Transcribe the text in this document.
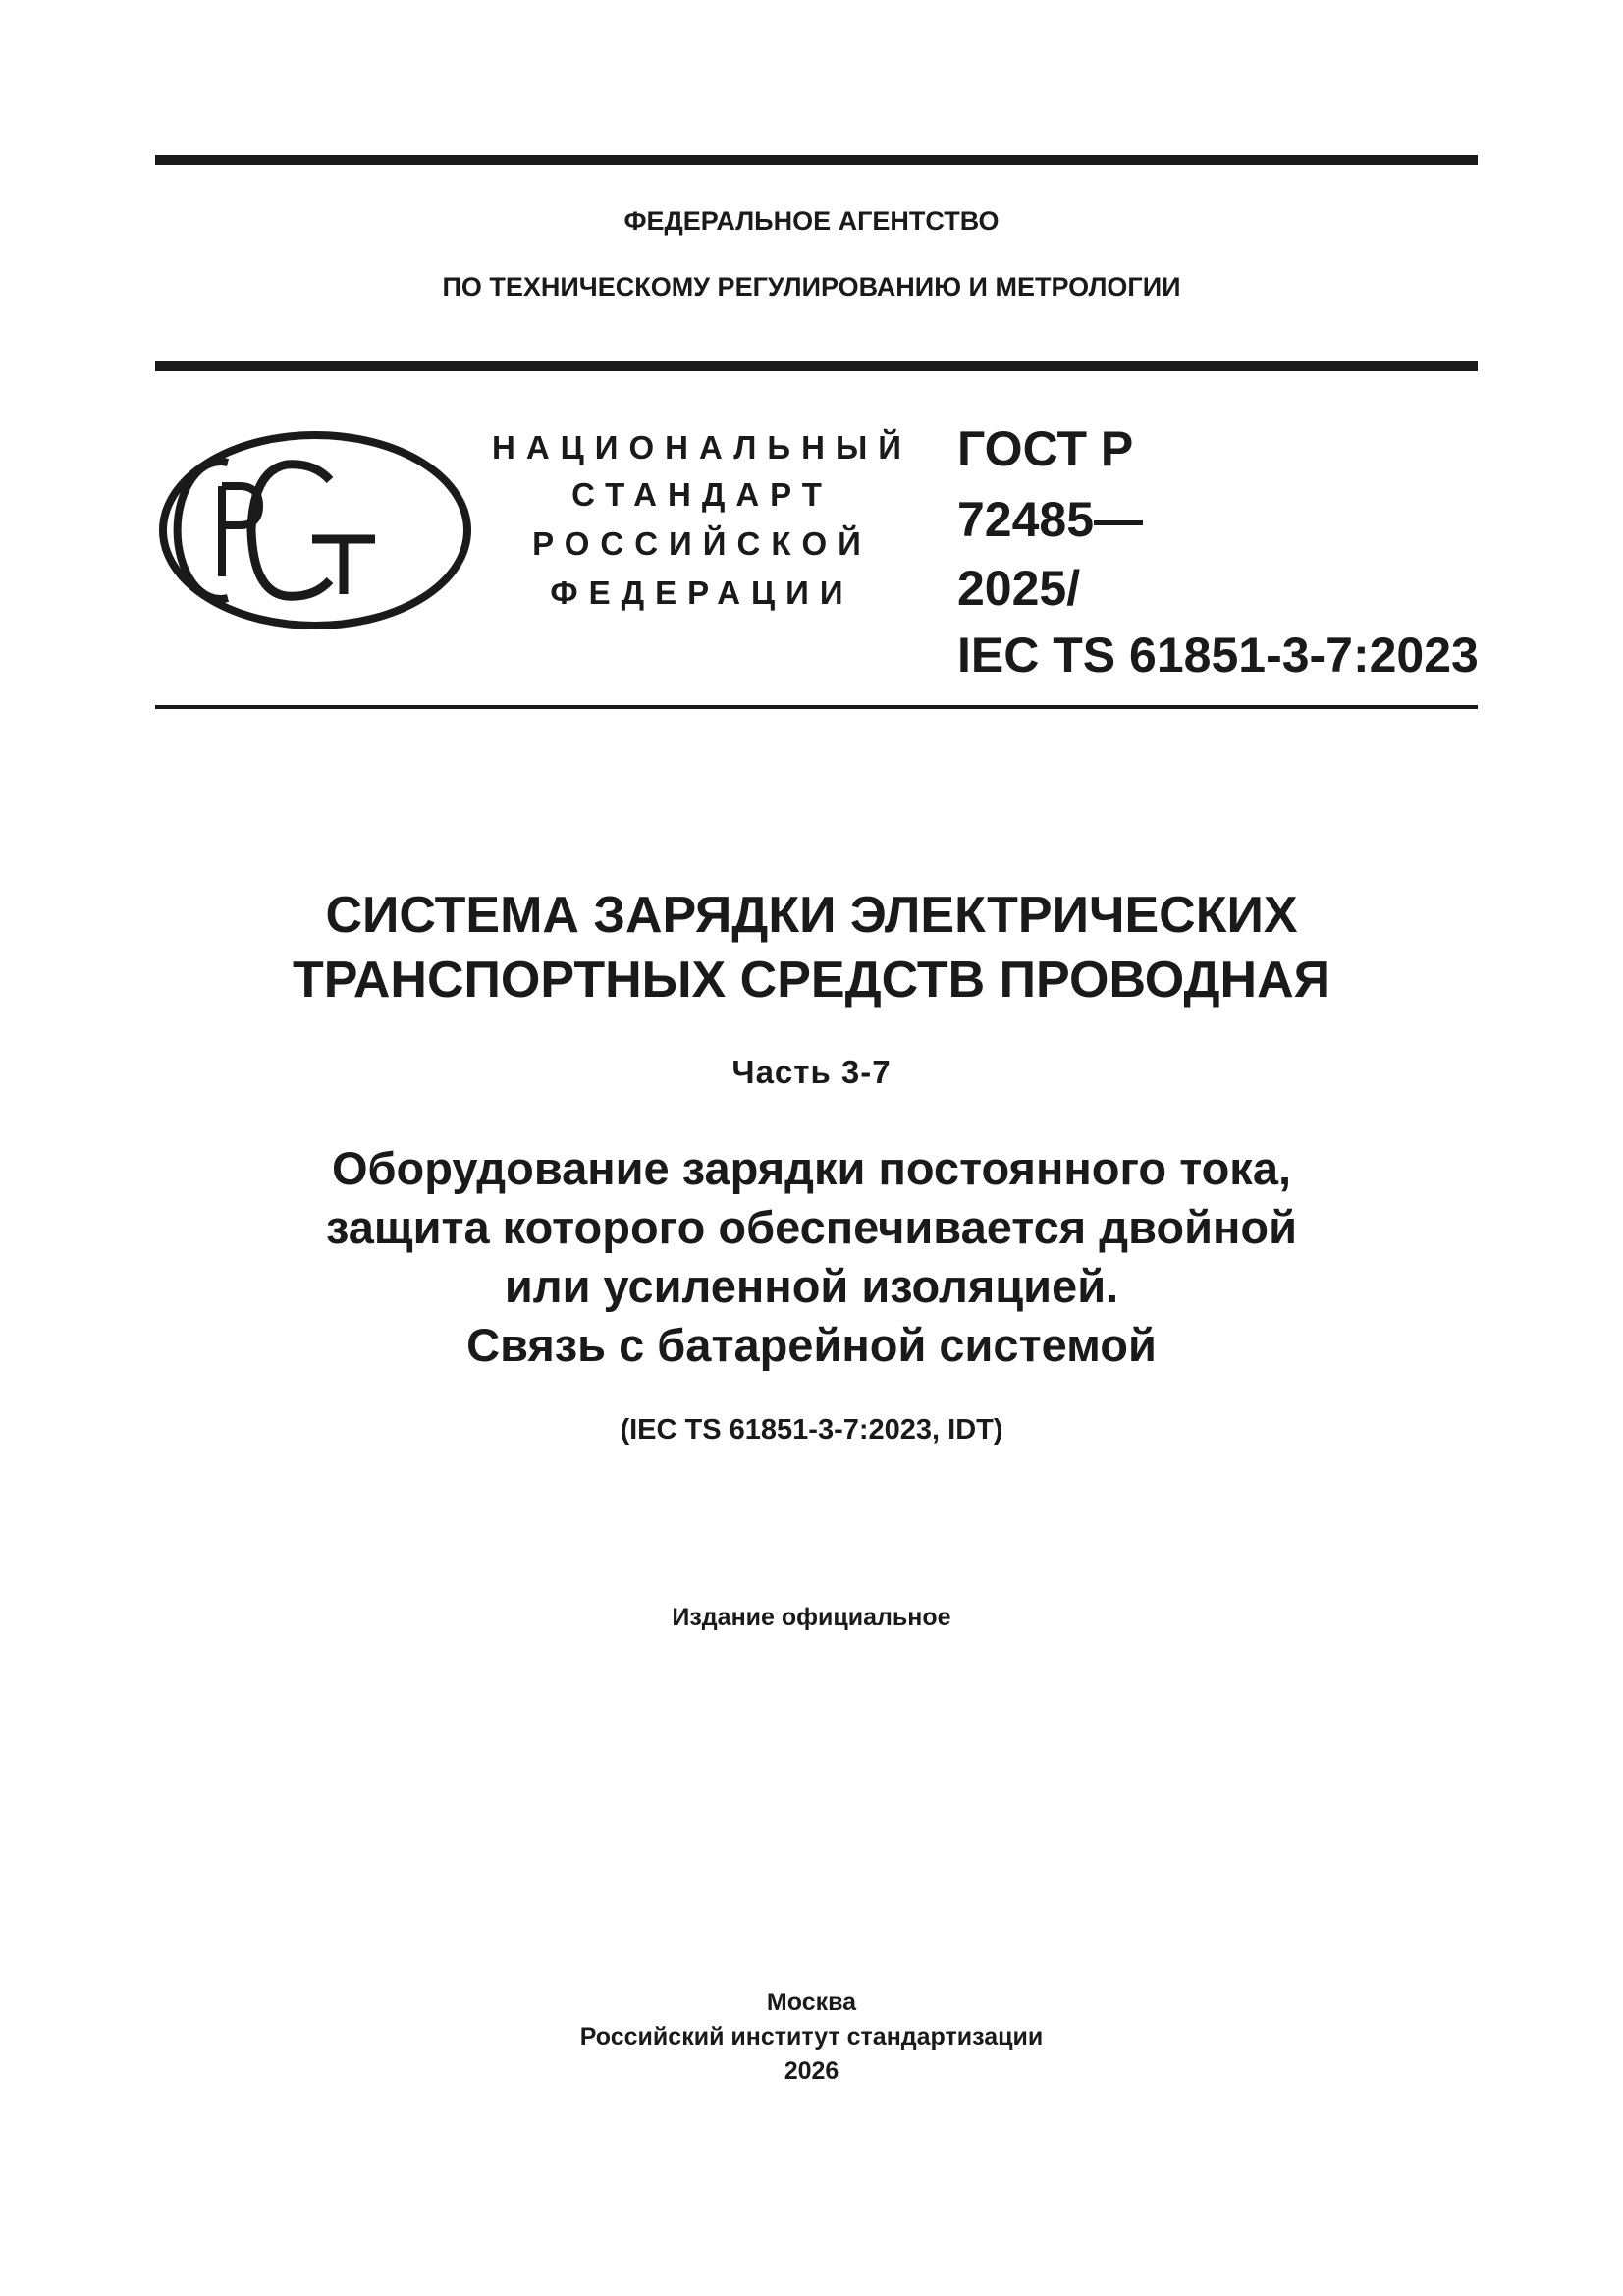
ФЕДЕРАЛЬНОЕ АГЕНТСТВО
ПО ТЕХНИЧЕСКОМУ РЕГУЛИРОВАНИЮ И МЕТРОЛОГИИ
НАЦИОНАЛЬНЫЙ
СТАНДАРТ
РОССИЙСКОЙ
ФЕДЕРАЦИИ
ГОСТ Р
72485—
2025/
IEC TS 61851-3-7:2023
СИСТЕМА ЗАРЯДКИ ЭЛЕКТРИЧЕСКИХ
ТРАНСПОРТНЫХ СРЕДСТВ ПРОВОДНАЯ
Часть 3-7
Оборудование зарядки постоянного тока,
защита которого обеспечивается двойной
или усиленной изоляцией.
Связь с батарейной системой
(IEC TS 61851-3-7:2023, IDT)
Издание официальное
Москва
Российский институт стандартизации
2026
